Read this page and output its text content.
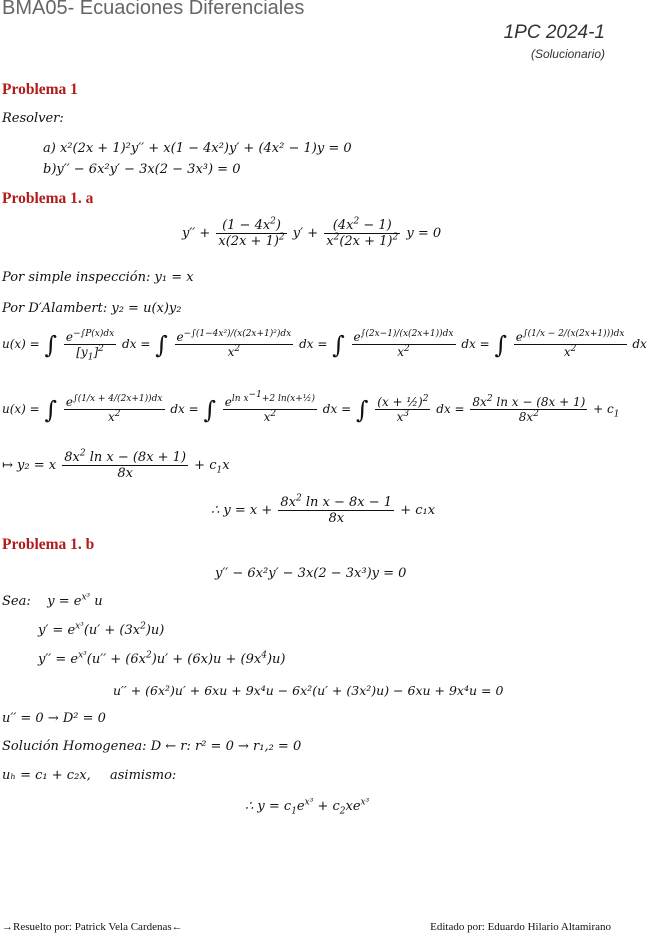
BMA05- Ecuaciones Diferenciales
1PC 2024-1
(Solucionario)
Problema 1
Resolver:
a) x²(2x + 1)²y′′ + x(1 − 4x²)y′ + (4x² − 1)y = 0
b)y′′ − 6x²y′ − 3x(2 − 3x³) = 0
Problema 1. a
$y'' + \frac{(1 - 4x^2)}{x(2x + 1)^2} y' + \frac{(4x^2 - 1)}{x^2(2x + 1)^2}$ y = 0
Por simple inspección: y₁ = x
Por D′Alambert: y₂ = u(x)y₂
u(x) = ∫ $\frac{e^{-\int P(x)dx}}{[y_1]^2}$ dx = ∫ $\frac{e^{-\int(1-4x^2)/(x(2x+1)^2)dx}}{x^2}$ dx = ∫ $\frac{e^{\int(2x-1)/(x(2x+1))dx}}{x^2}$ dx = ∫ $\frac{e^{\int(1/x - 2/(x(2x+1)))dx}}{x^2}$ dx
u(x) = ∫ $\frac{e^{\int(1/x + 4/(2x+1))dx}}{x^2}$ dx = ∫ $\frac{e^{ln x^{-1}+2 ln(x+\frac{1}{2})}}{x^2}$ dx = ∫ $\frac{(x + \frac{1}{2})^2}{x^3}$ dx = $\frac{8x^2 \ln x - (8x + 1)}{8x^2} + c_1$
↦ y₂ = x $\frac{8x^2 \ln x - (8x + 1)}{8x} + c_1x$
∴ $y = x + \frac{8x^2 \ln x - 8x - 1}{8x} + c_1x$
Problema 1. b
y′′ − 6x²y′ − 3x(2 − 3x³)y = 0
Sea:    $y = e^{x^3}$ u
$y' = e^{x^3}(u' + (3x^2)u)$
$y'' = e^{x^3}(u'' + (6x^2)u' + (6x)u + (9x^4)u)$
u′′ + (6x²)u′ + 6xu + 9x⁴u − 6x²(u′ + (3x²)u) − 6xu + 9x⁴u = 0
u′′ = 0 → D² = 0
Solución Homogenea: D ← r: r² = 0 → r₁,₂ = 0
uₕ = c₁ + c₂x, asimismo:
∴ $y = c_1e^{x^3} + c_2xe^{x^3}$
→Resuelto por: Patrick Vela Cardenas←	Editado por: Eduardo Hilario Altamirano
